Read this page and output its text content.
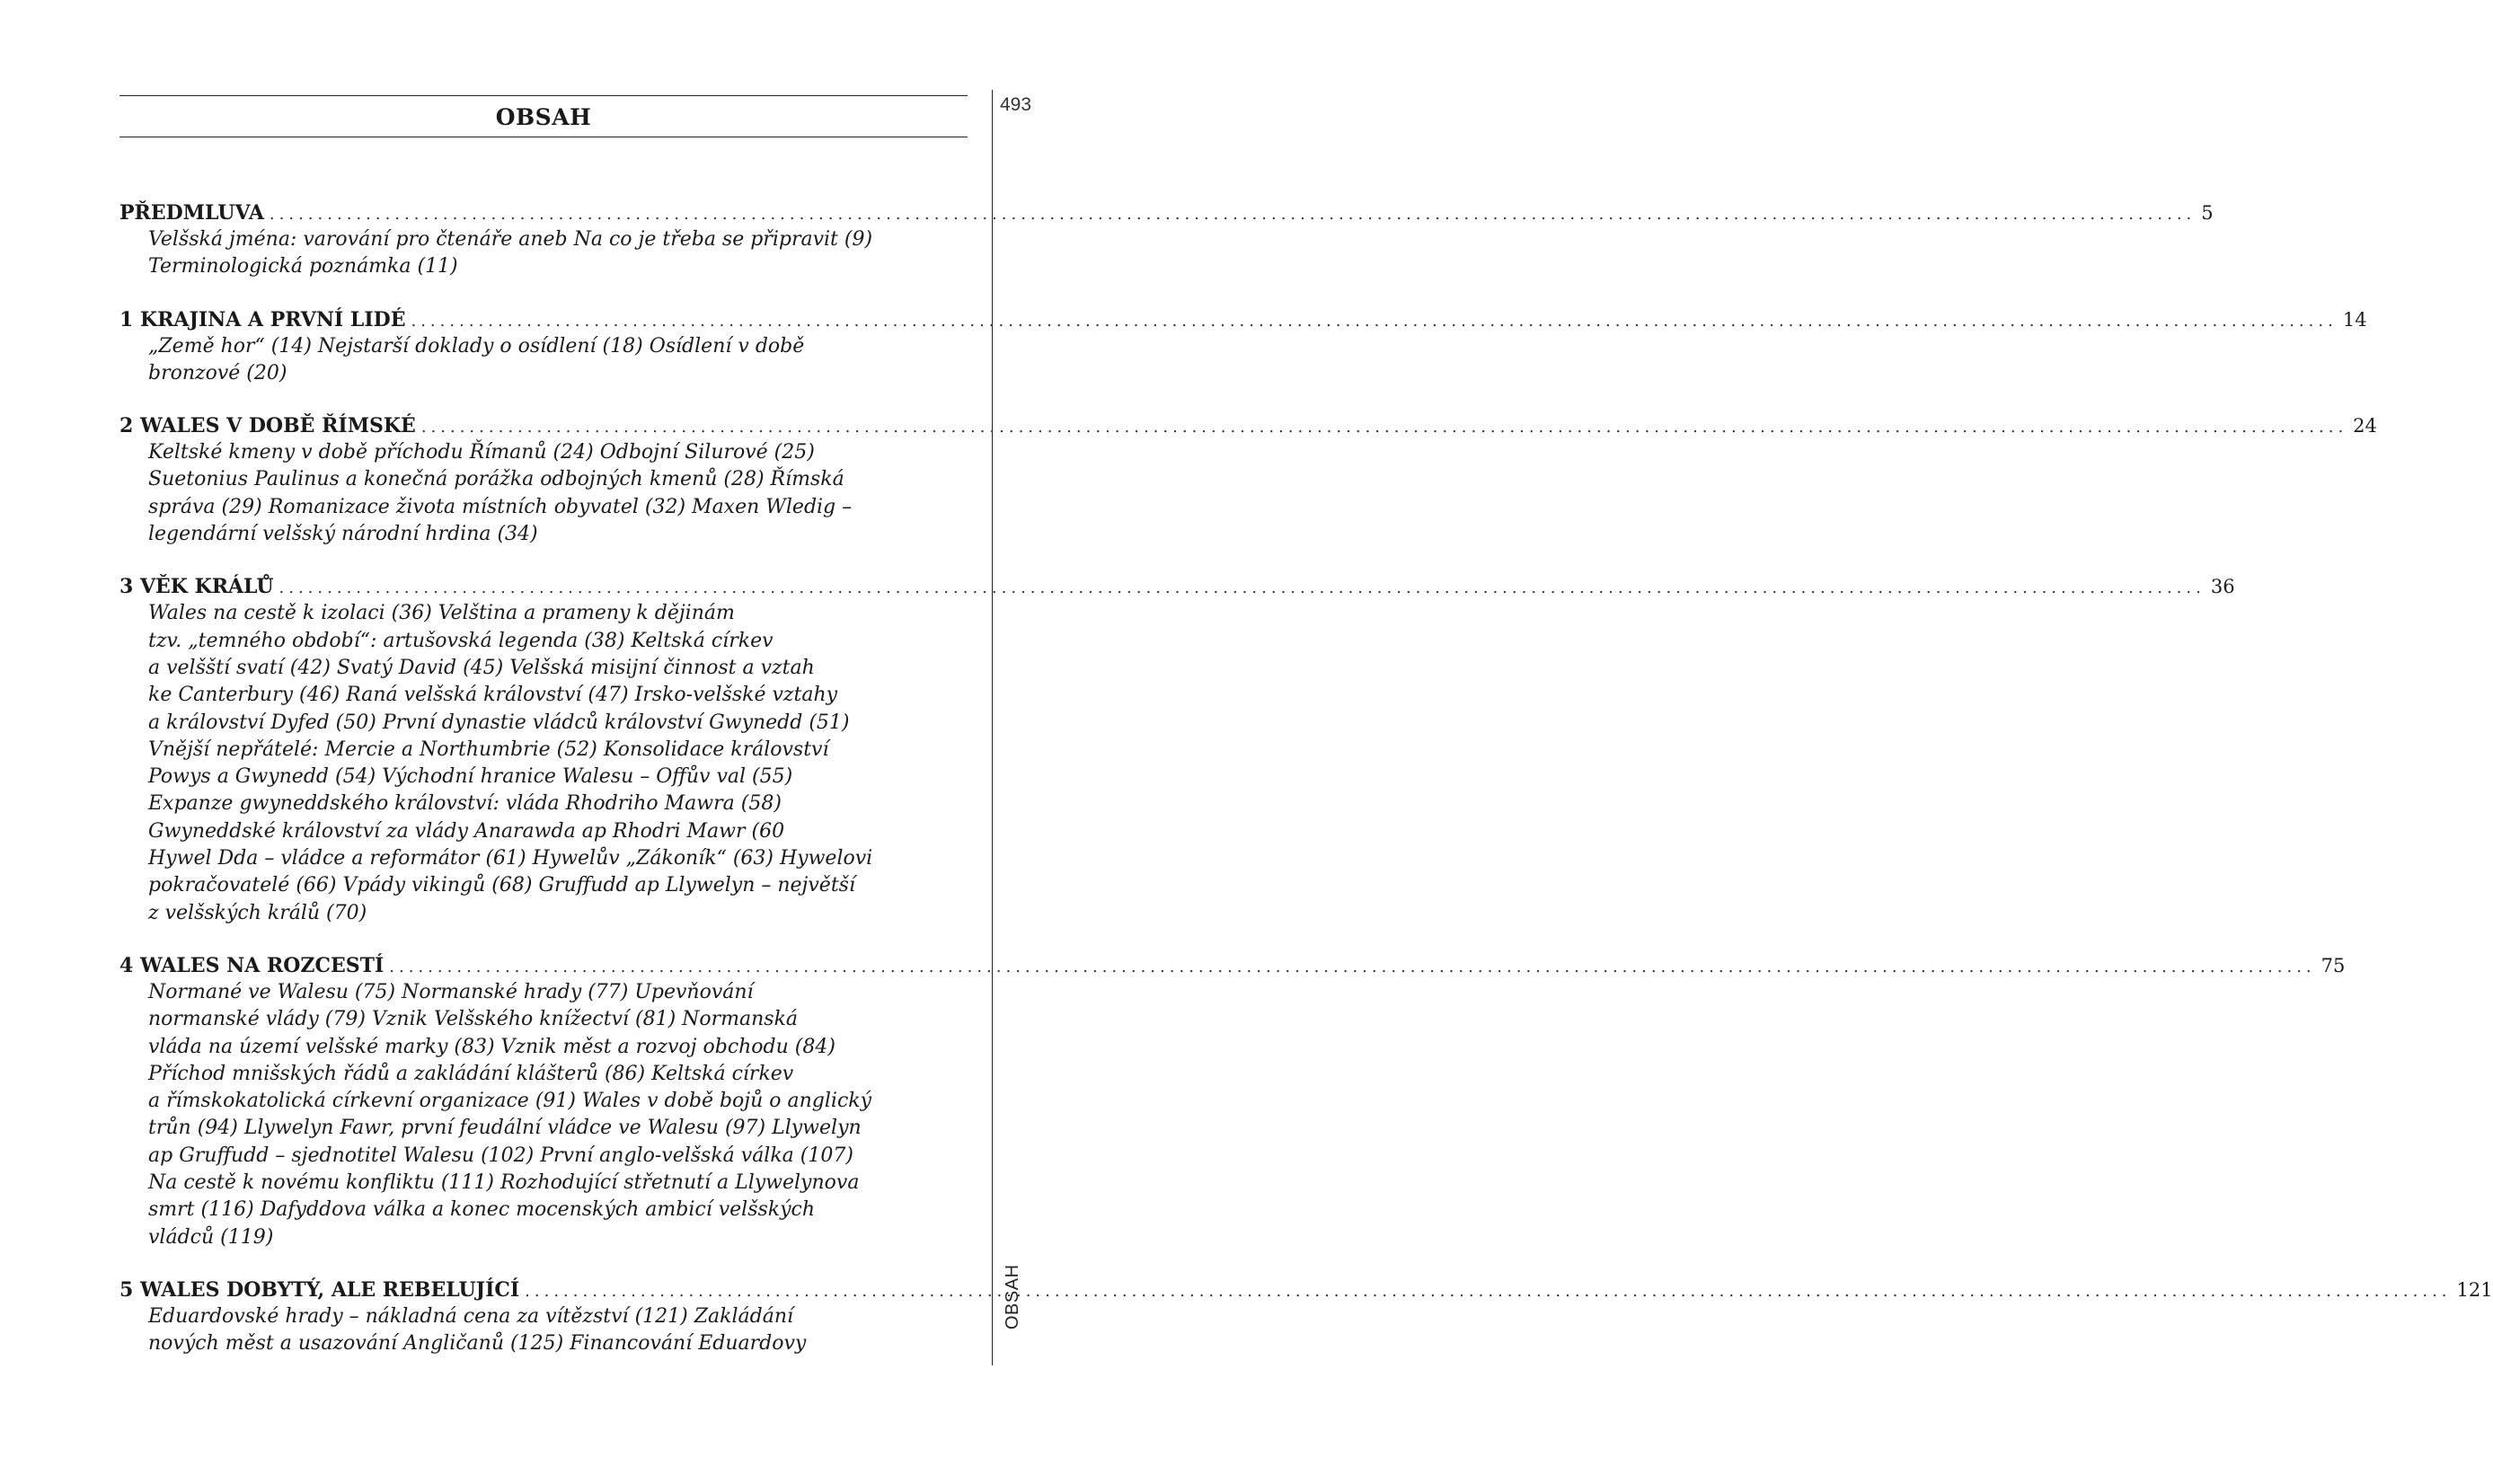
OBSAH	493
OBSAH
PŘEDMLUVA ........................................................................................................................................................................................................ 5
Velšská jména: varování pro čtenáře aneb Na co je třeba se připravit (9)
Terminologická poznámka (11)
1 KRAJINA A PRVNÍ LIDÉ ........................................................................................................................................................................................................ 14
„Země hor“ (14) Nejstarší doklady o osídlení (18) Osídlení v době
bronzové (20)
2 WALES V DOBĚ ŘÍMSKÉ ........................................................................................................................................................................................................ 24
Keltské kmeny v době příchodu Římanů (24) Odbojní Silurové (25)
Suetonius Paulinus a konečná porážka odbojných kmenů (28) Římská
správa (29) Romanizace života místních obyvatel (32) Maxen Wledig –
legendární velšský národní hrdina (34)
3 VĚK KRÁLŮ ........................................................................................................................................................................................................ 36
Wales na cestě k izolaci (36) Velština a prameny k dějinám
tzv. „temného období“: artušovská legenda (38) Keltská církev
a velšští svatí (42) Svatý David (45) Velšská misijní činnost a vztah
ke Canterbury (46) Raná velšská království (47) Irsko-velšské vztahy
a království Dyfed (50) První dynastie vládců království Gwynedd (51)
Vnější nepřátelé: Mercie a Northumbrie (52) Konsolidace království
Powys a Gwynedd (54) Východní hranice Walesu – Offův val (55)
Expanze gwyneddského království: vláda Rhodriho Mawra (58)
Gwyneddské království za vlády Anarawda ap Rhodri Mawr (60
Hywel Dda – vládce a reformátor (61) Hywelův „Zákoník“ (63) Hywelovi
pokračovatelé (66) Vpády vikingů (68) Gruffudd ap Llywelyn – největší
z velšských králů (70)
4 WALES NA ROZCESTÍ ........................................................................................................................................................................................................ 75
Normané ve Walesu (75) Normanské hrady (77) Upevňování
normanské vlády (79) Vznik Velšského knížectví (81) Normanská
vláda na území velšské marky (83) Vznik měst a rozvoj obchodu (84)
Příchod mnišských řádů a zakládání klášterů (86) Keltská církev
a římskokatolická církevní organizace (91) Wales v době bojů o anglický
trůn (94) Llywelyn Fawr, první feudální vládce ve Walesu (97) Llywelyn
ap Gruffudd – sjednotitel Walesu (102) První anglo-velšská válka (107)
Na cestě k novému konfliktu (111) Rozhodující střetnutí a Llywelynova
smrt (116) Dafyddova válka a konec mocenských ambicí velšských
vládců (119)
5 WALES DOBYTÝ, ALE REBELUJÍCÍ ........................................................................................................................................................................................................ 121
Eduardovské hrady – nákladná cena za vítězství (121) Zakládání
nových měst a usazování Angličanů (125) Financování Eduardovy
